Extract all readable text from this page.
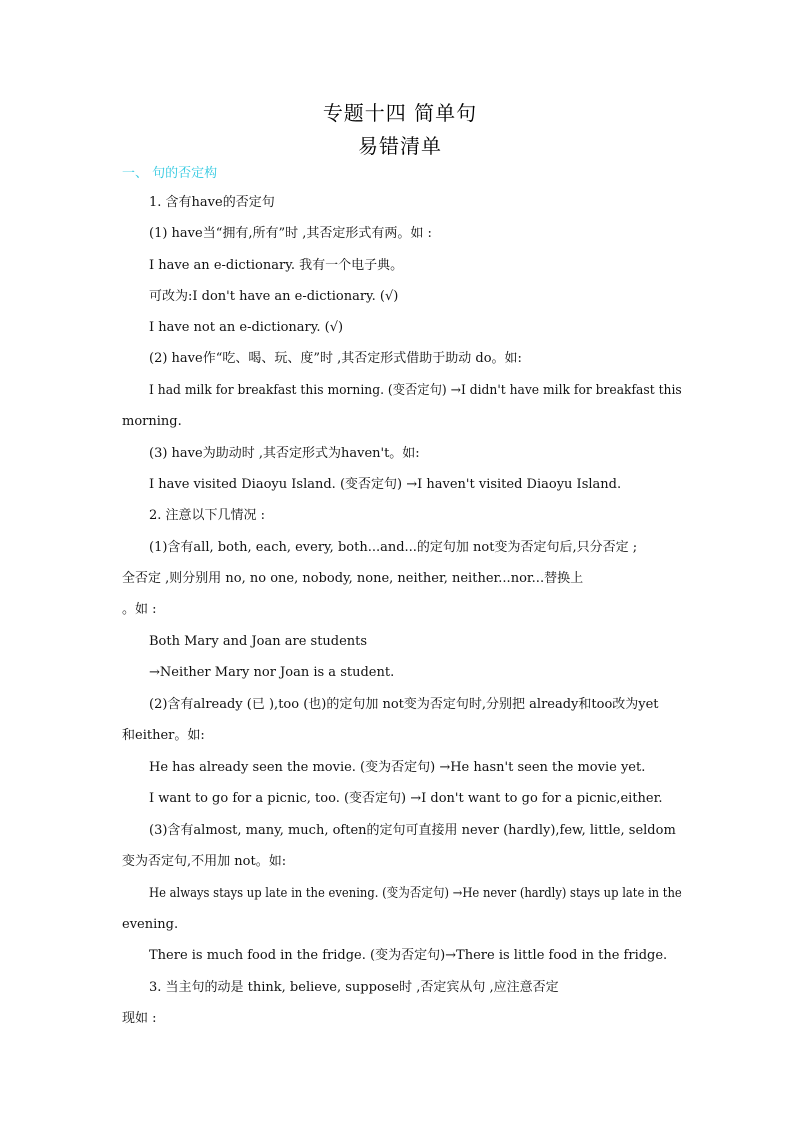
专题十四 简单句
易错清单
一、 句的否定构
1. 含有have的否定句
(1) have当“拥有,所有”时 ,其否定形式有两。如 :
I have an e-dictionary. 我有一个电子典。
可改为:I don't have an e-dictionary. (√)
I have not an e-dictionary. (√)
(2) have作“吃、喝、玩、度”时 ,其否定形式借助于助动 do。如:
I had milk for breakfast this morning. (变否定句) →I didn't have milk for breakfast this
morning.
(3) have为助动时 ,其否定形式为haven't。如:
I have visited Diaoyu Island. (变否定句) →I haven't visited Diaoyu Island.
2. 注意以下几情况 :
(1)含有all, both, each, every, both...and...的定句加 not变为否定句后,只分否定 ;
全否定 ,则分别用 no, no one, nobody, none, neither, neither...nor...替换上
。如 :
Both Mary and Joan are students
→Neither Mary nor Joan is a student.
(2)含有already (已 ),too (也)的定句加 not变为否定句时,分别把 already和too改为yet
和either。如:
He has already seen the movie. (变为否定句) →He hasn't seen the movie yet.
I want to go for a picnic, too. (变否定句) →I don't want to go for a picnic,either.
(3)含有almost, many, much, often的定句可直接用 never (hardly),few, little, seldom
变为否定句,不用加 not。如:
He always stays up late in the evening. (变为否定句) →He never (hardly) stays up late in the
evening.
There is much food in the fridge. (变为否定句)→There is little food in the fridge.
3. 当主句的动是 think, believe, suppose时 ,否定宾从句 ,应注意否定
现如 :
